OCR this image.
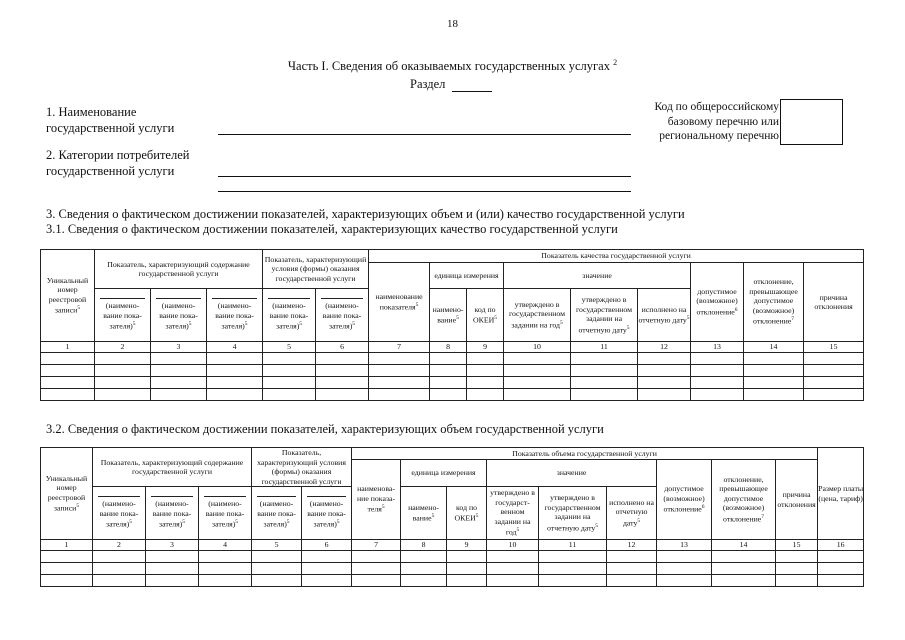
18
Часть I. Сведения об оказываемых государственных услугах $^2$
Раздел
1. Наименование
государственной услуги
2. Категории потребителей
государственной услуги
Код по общероссийскому
базовому перечню или
региональному перечню
3. Сведения о фактическом достижении показателей, характеризующих объем и (или) качество государственной услуги
3.1. Сведения о фактическом достижении показателей, характеризующих качество государственной услуги
Уникальный номер реестровой записи$^5$	Показатель, характеризующий содержание государственной услуги			Показатель, характеризующий условия (формы) оказания государственной услуги		Показатель качества государственной услуги								
						наименование показателя$^5$	единица измерения		значение			допустимое (возможное) отклонение$^6$	отклонение, превышающее допустимое (возможное) отклонение$^7$	причина отклонения

	(наимено-вание пока-зателя)$^5$	(наимено-вание пока-зателя)$^5$	(наимено-вание пока-зателя)$^5$	(наимено-вание пока-зателя)$^5$	(наимено-вание пока-зателя)$^5$		наимено-вание$^5$	код по ОКЕИ$^5$	утверждено в государственном задании на год$^5$	утверждено в государственном задании на отчетную дату$^5$	исполнено на отчетную дату$^5$
1	2	3	4	5	6	7	8	9	10	11	12	13	14	15

3.2. Сведения о фактическом достижении показателей, характеризующих объем государственной услуги
Уникальный номер реестровой записи$^5$	Показатель, характеризующий содержание государственной услуги			Показатель, характеризующий условия (формы) оказания государственной услуги		Показатель объема государственной услуги									Размер платы (цена, тариф)
						наименова-ние показа-теля$^5$	единица измерения		значение			допустимое (возможное) отклонение$^6$	отклонение, превышающее допустимое (возможное) отклонение$^7$	причина отклонения	

	(наимено-вание пока-зателя)$^5$	(наимено-вание пока-зателя)$^5$	(наимено-вание пока-зателя)$^5$	(наимено-вание пока-зателя)$^5$	(наимено-вание пока-зателя)$^5$		наимено-вание$^5$	код по ОКЕИ$^5$	утверждено в государст-венном задании на год$^5$	утверждено в государственном задании на отчетную дату$^5$	исполнено на отчетную дату$^5$
1	2	3	4	5	6	7	8	9	10	11	12	13	14	15	16
